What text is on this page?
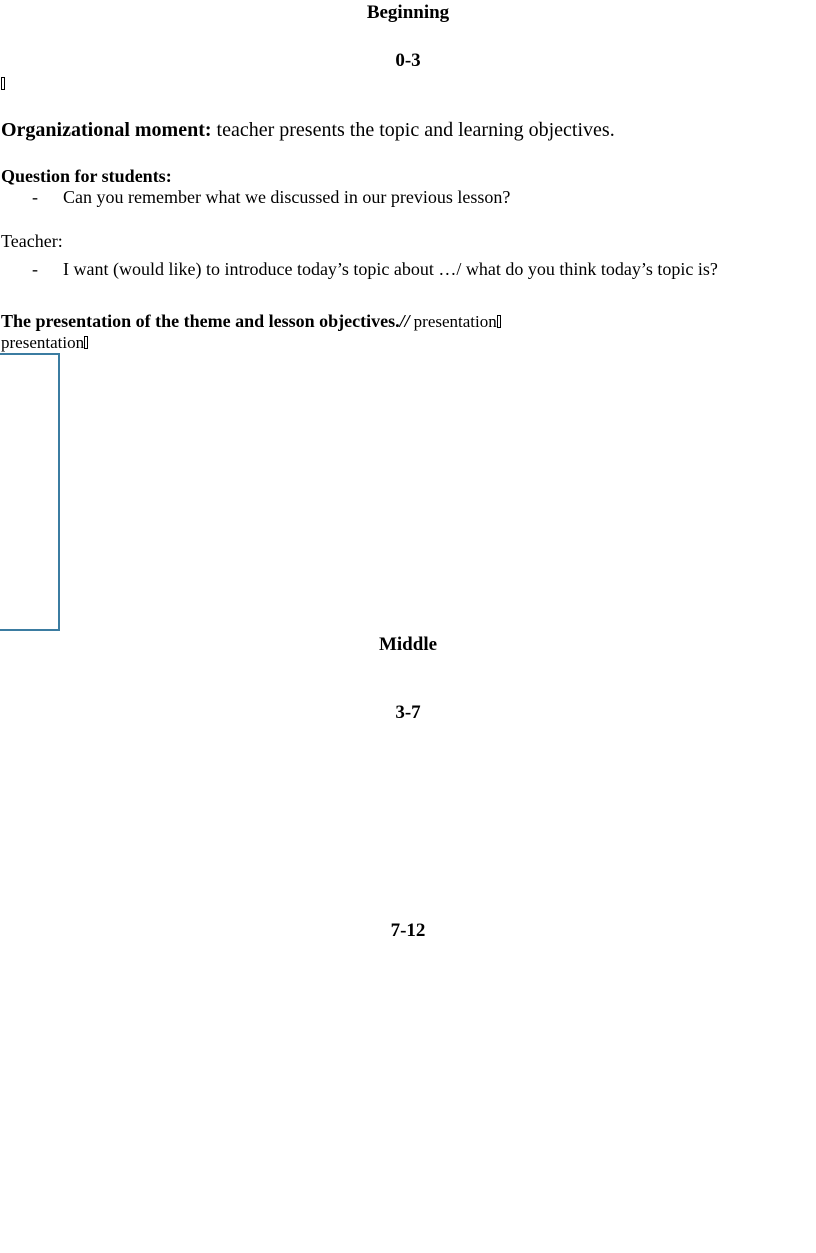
Beginning
0-3
Organizational moment: teacher presents the topic and learning objectives.
Question for students:
- Can you remember what we discussed in our previous lesson?
Teacher:
- I want (would like) to introduce today’s topic about …/ what do you think today’s topic is?
The presentation of the theme and lesson objectives.// presentation
presentation
Middle
3-7
7-12
